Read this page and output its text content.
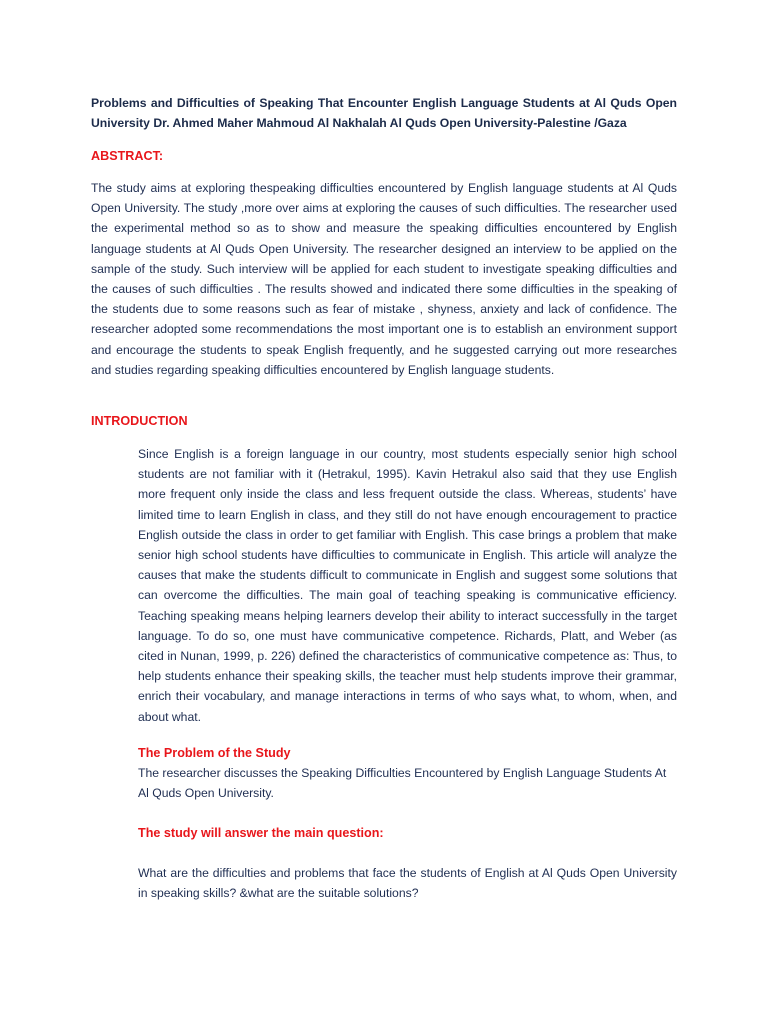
Problems and Difficulties of Speaking That Encounter English Language Students at Al Quds Open University Dr. Ahmed Maher Mahmoud Al Nakhalah Al Quds Open University-Palestine /Gaza

ABSTRACT:

The study aims at exploring thespeaking difficulties encountered by English language students at Al Quds Open University. The study ,more over aims at exploring the causes of such difficulties. The researcher used the experimental method so as to show and measure the speaking difficulties encountered by English language students at Al Quds Open University. The researcher designed an interview to be applied on the sample of the study. Such interview will be applied for each student to investigate speaking difficulties and the causes of such difficulties . The results showed and indicated there some difficulties in the speaking of the students due to some reasons such as fear of mistake , shyness, anxiety and lack of confidence. The researcher adopted some recommendations the most important one is to establish an environment support and encourage the students to speak English frequently, and he suggested carrying out more researches and studies regarding speaking difficulties encountered by English language students.

INTRODUCTION

Since English is a foreign language in our country, most students especially senior high school students are not familiar with it (Hetrakul, 1995). Kavin Hetrakul also said that they use English more frequent only inside the class and less frequent outside the class. Whereas, students’ have limited time to learn English in class, and they still do not have enough encouragement to practice English outside the class in order to get familiar with English. This case brings a problem that make senior high school students have difficulties to communicate in English. This article will analyze the causes that make the students difficult to communicate in English and suggest some solutions that can overcome the difficulties. The main goal of teaching speaking is communicative efficiency. Teaching speaking means helping learners develop their ability to interact successfully in the target language. To do so, one must have communicative competence. Richards, Platt, and Weber (as cited in Nunan, 1999, p. 226) defined the characteristics of communicative competence as: Thus, to help students enhance their speaking skills, the teacher must help students improve their grammar, enrich their vocabulary, and manage interactions in terms of who says what, to whom, when, and about what.

The Problem of the Study

The researcher discusses the Speaking Difficulties Encountered by English Language Students At Al Quds Open University.

The study will answer the main question:

What are the difficulties and problems that face the students of English at Al Quds Open University in speaking skills? &what are the suitable solutions?
